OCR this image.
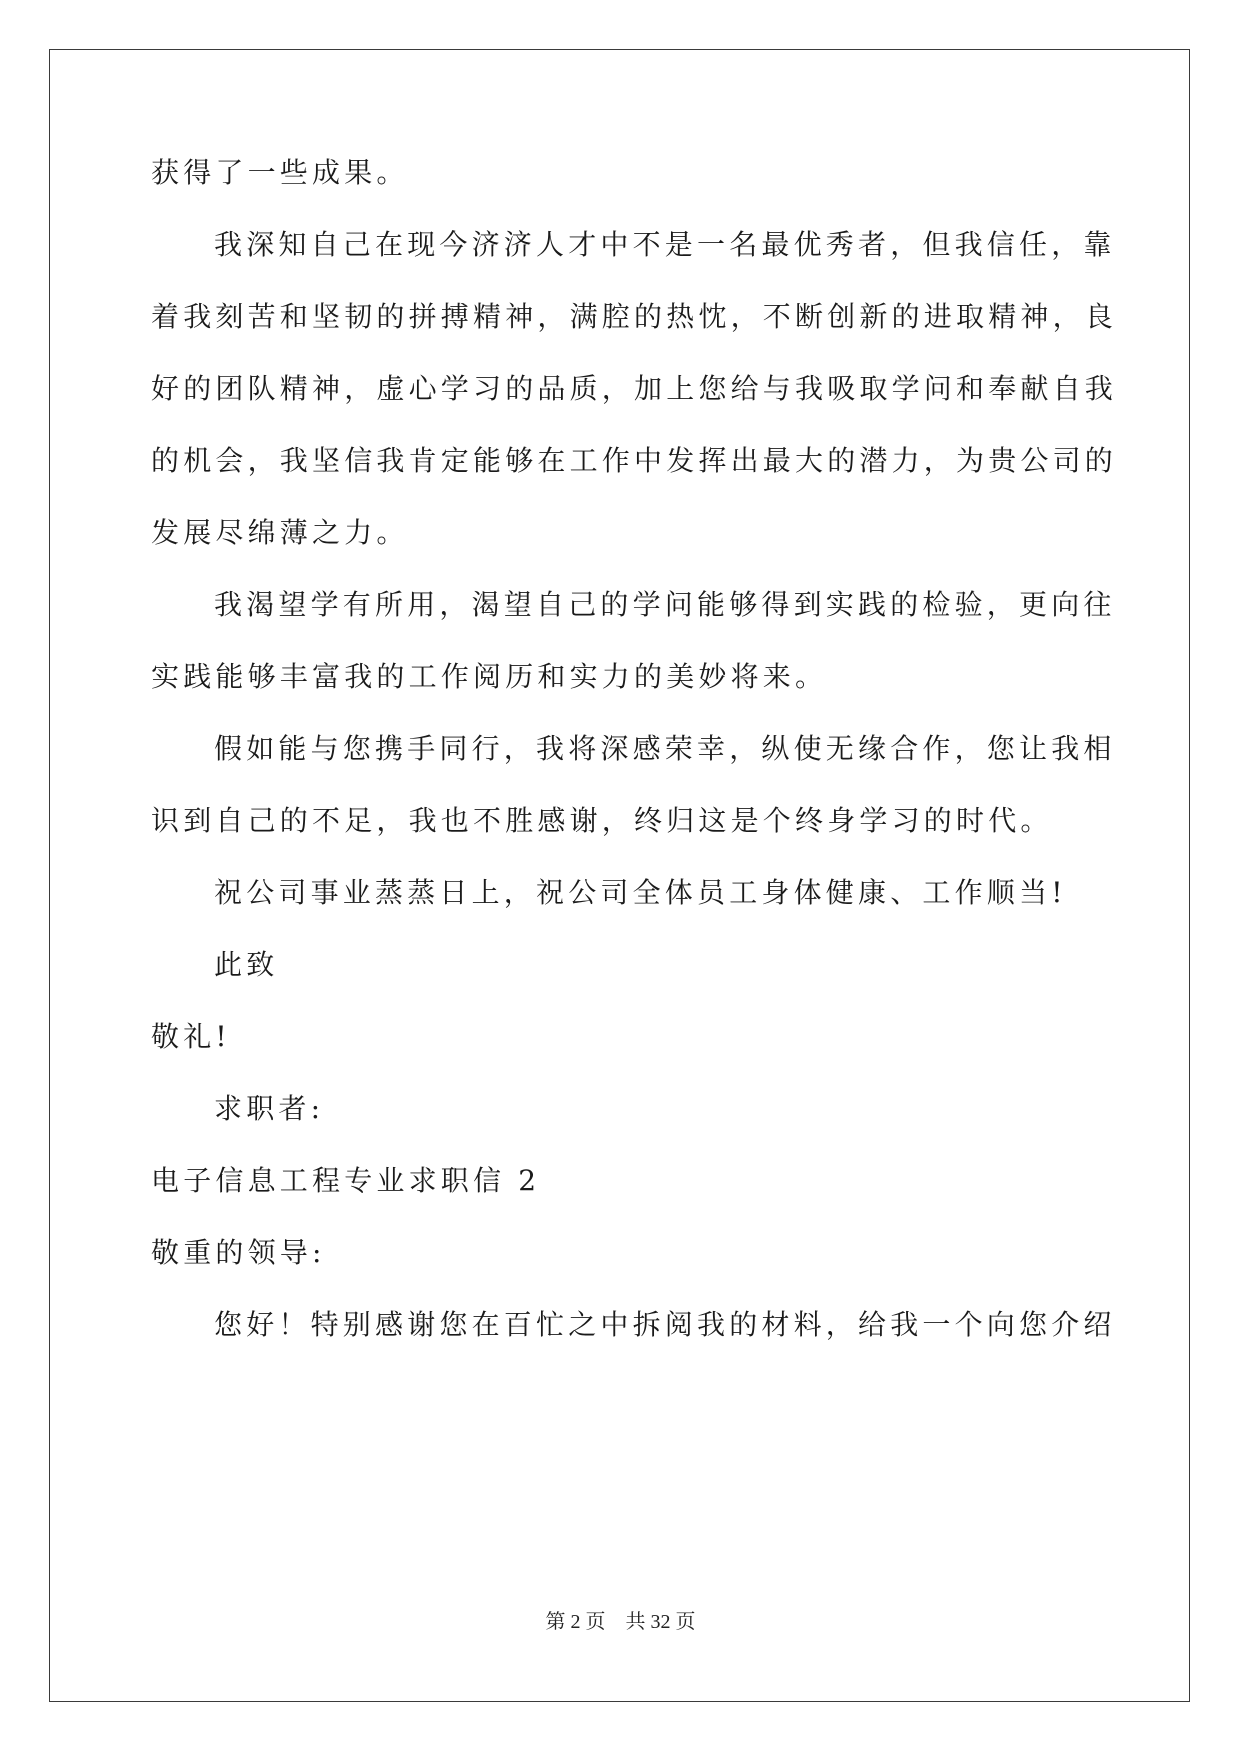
获得了一些成果。
我深知自己在现今济济人才中不是一名最优秀者，但我信任，靠
着我刻苦和坚韧的拼搏精神，满腔的热忱，不断创新的进取精神，良
好的团队精神，虚心学习的品质，加上您给与我吸取学问和奉献自我
的机会，我坚信我肯定能够在工作中发挥出最大的潜力，为贵公司的
发展尽绵薄之力。
我渴望学有所用，渴望自己的学问能够得到实践的检验，更向往
实践能够丰富我的工作阅历和实力的美妙将来。
假如能与您携手同行，我将深感荣幸，纵使无缘合作，您让我相
识到自己的不足，我也不胜感谢，终归这是个终身学习的时代。
祝公司事业蒸蒸日上，祝公司全体员工身体健康、工作顺当!
此致
敬礼!
求职者:
电子信息工程专业求职信 2
敬重的领导:
您好！特别感谢您在百忙之中拆阅我的材料，给我一个向您介绍
第 2 页　共 32 页
